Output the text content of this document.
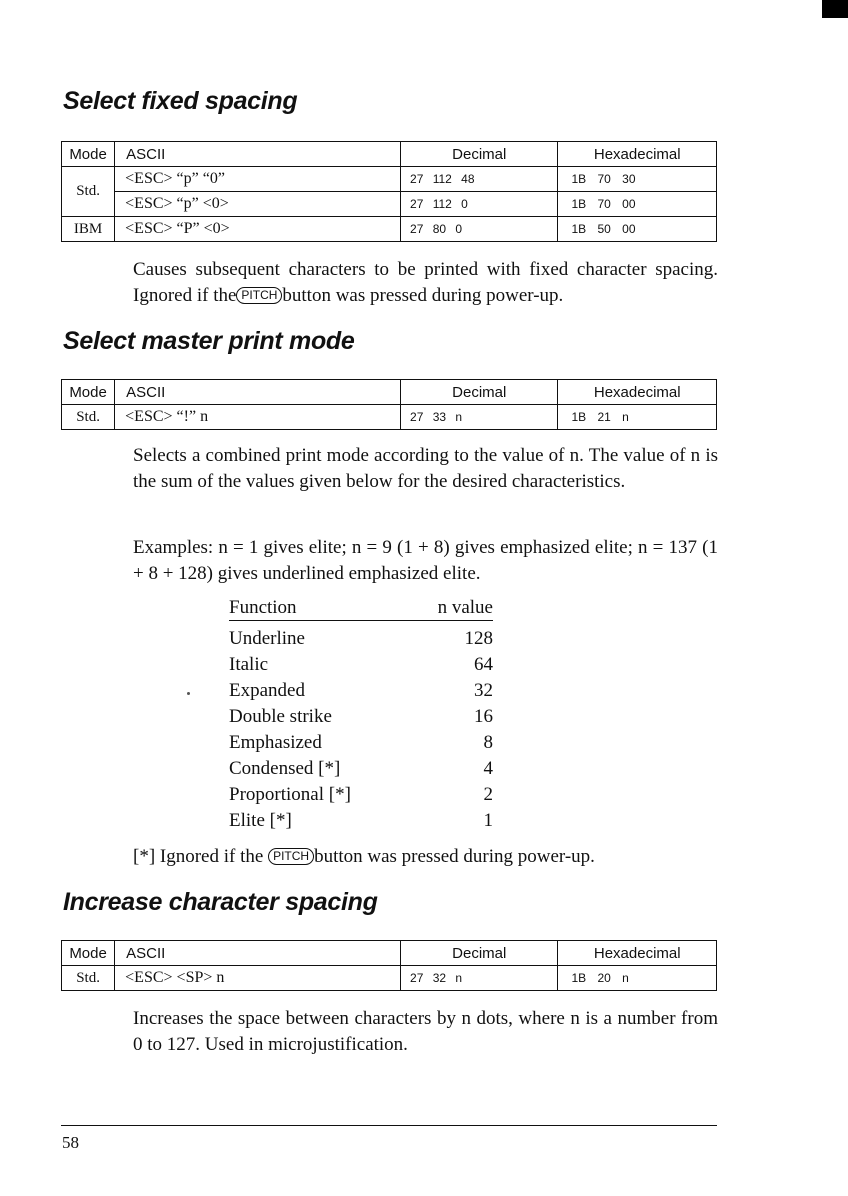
Select fixed spacing
Mode	ASCII	Decimal	Hexadecimal
Std.	<ESC> “p” “0”	27 112 48	1B 70 30
	<ESC> “p” <0>	27 112 0	1B 70 00
IBM	<ESC> “P” <0>	27 80 0	1B 50 00

Causes subsequent characters to be printed with fixed character spacing. Ignored if the PITCH button was pressed during power-up.

Select master print mode
Mode	ASCII	Decimal	Hexadecimal
Std.	<ESC> “!” n	27 33 n	1B 21 n

Selects a combined print mode according to the value of n. The value of n is the sum of the values given below for the desired characteristics.

Examples: n = 1 gives elite; n = 9 (1 + 8) gives emphasized elite; n = 137 (1 + 8 + 128) gives underlined emphasized elite.

Function	n value
Underline	128
Italic	64
Expanded	32
Double strike	16
Emphasized	8
Condensed [*]	4
Proportional [*]	2
Elite [*]	1

[*] Ignored if the PITCH button was pressed during power-up.

Increase character spacing
Mode	ASCII	Decimal	Hexadecimal
Std.	<ESC> <SP> n	27 32 n	1B 20 n

Increases the space between characters by n dots, where n is a number from 0 to 127. Used in microjustification.

58
